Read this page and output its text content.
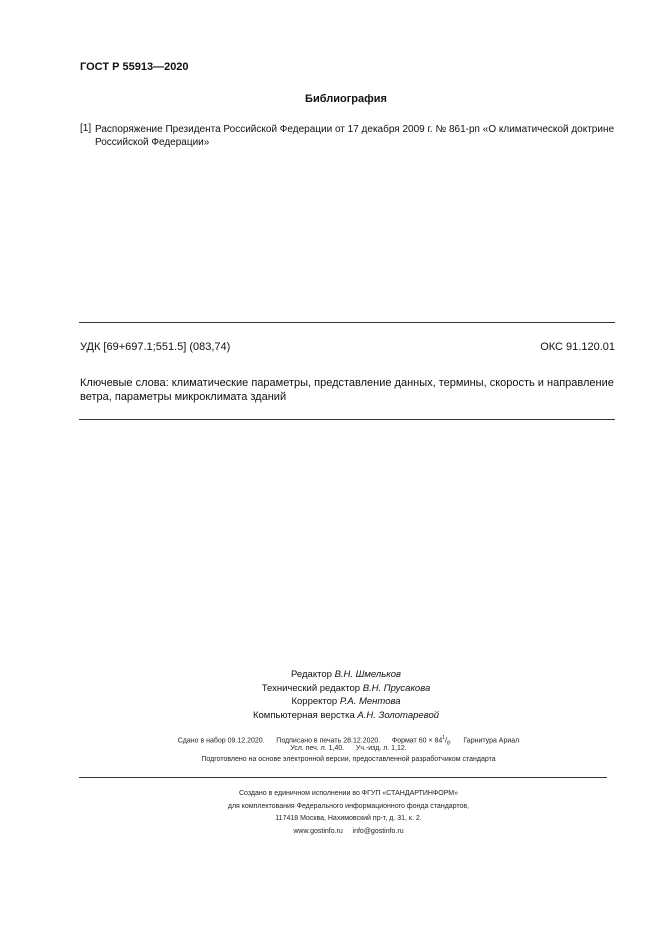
ГОСТ Р 55913—2020
Библиография
[1] Распоряжение Президента Российской Федерации от 17 декабря 2009 г. № 861-рп «О климатической доктрине Российской Федерации»
УДК [69+697.1;551.5] (083,74)	ОКС 91.120.01
Ключевые слова: климатические параметры, представление данных, термины, скорость и направление ветра, параметры микроклимата зданий
Редактор В.Н. Шмельков
Технический редактор В.Н. Прусакова
Корректор Р.А. Ментова
Компьютерная верстка А.Н. Золотаревой
Сдано в набор 09.12.2020. Подписано в печать 28.12.2020. Формат $60 \times 84^1/_8$.      Гарнитура Ариал
Усл. печ. л. 1,40. Уч.-изд. л. 1,12.
Подготовлено на основе электронной версии, предоставленной разработчиком стандарта
Создано в единичном исполнении во ФГУП «СТАНДАРТИНФОРМ»
для комплектования Федерального информационного фонда стандартов,
117418 Москва, Нахимовский пр-т, д. 31, к. 2.
www.gostinfo.ru info@gostinfo.ru
